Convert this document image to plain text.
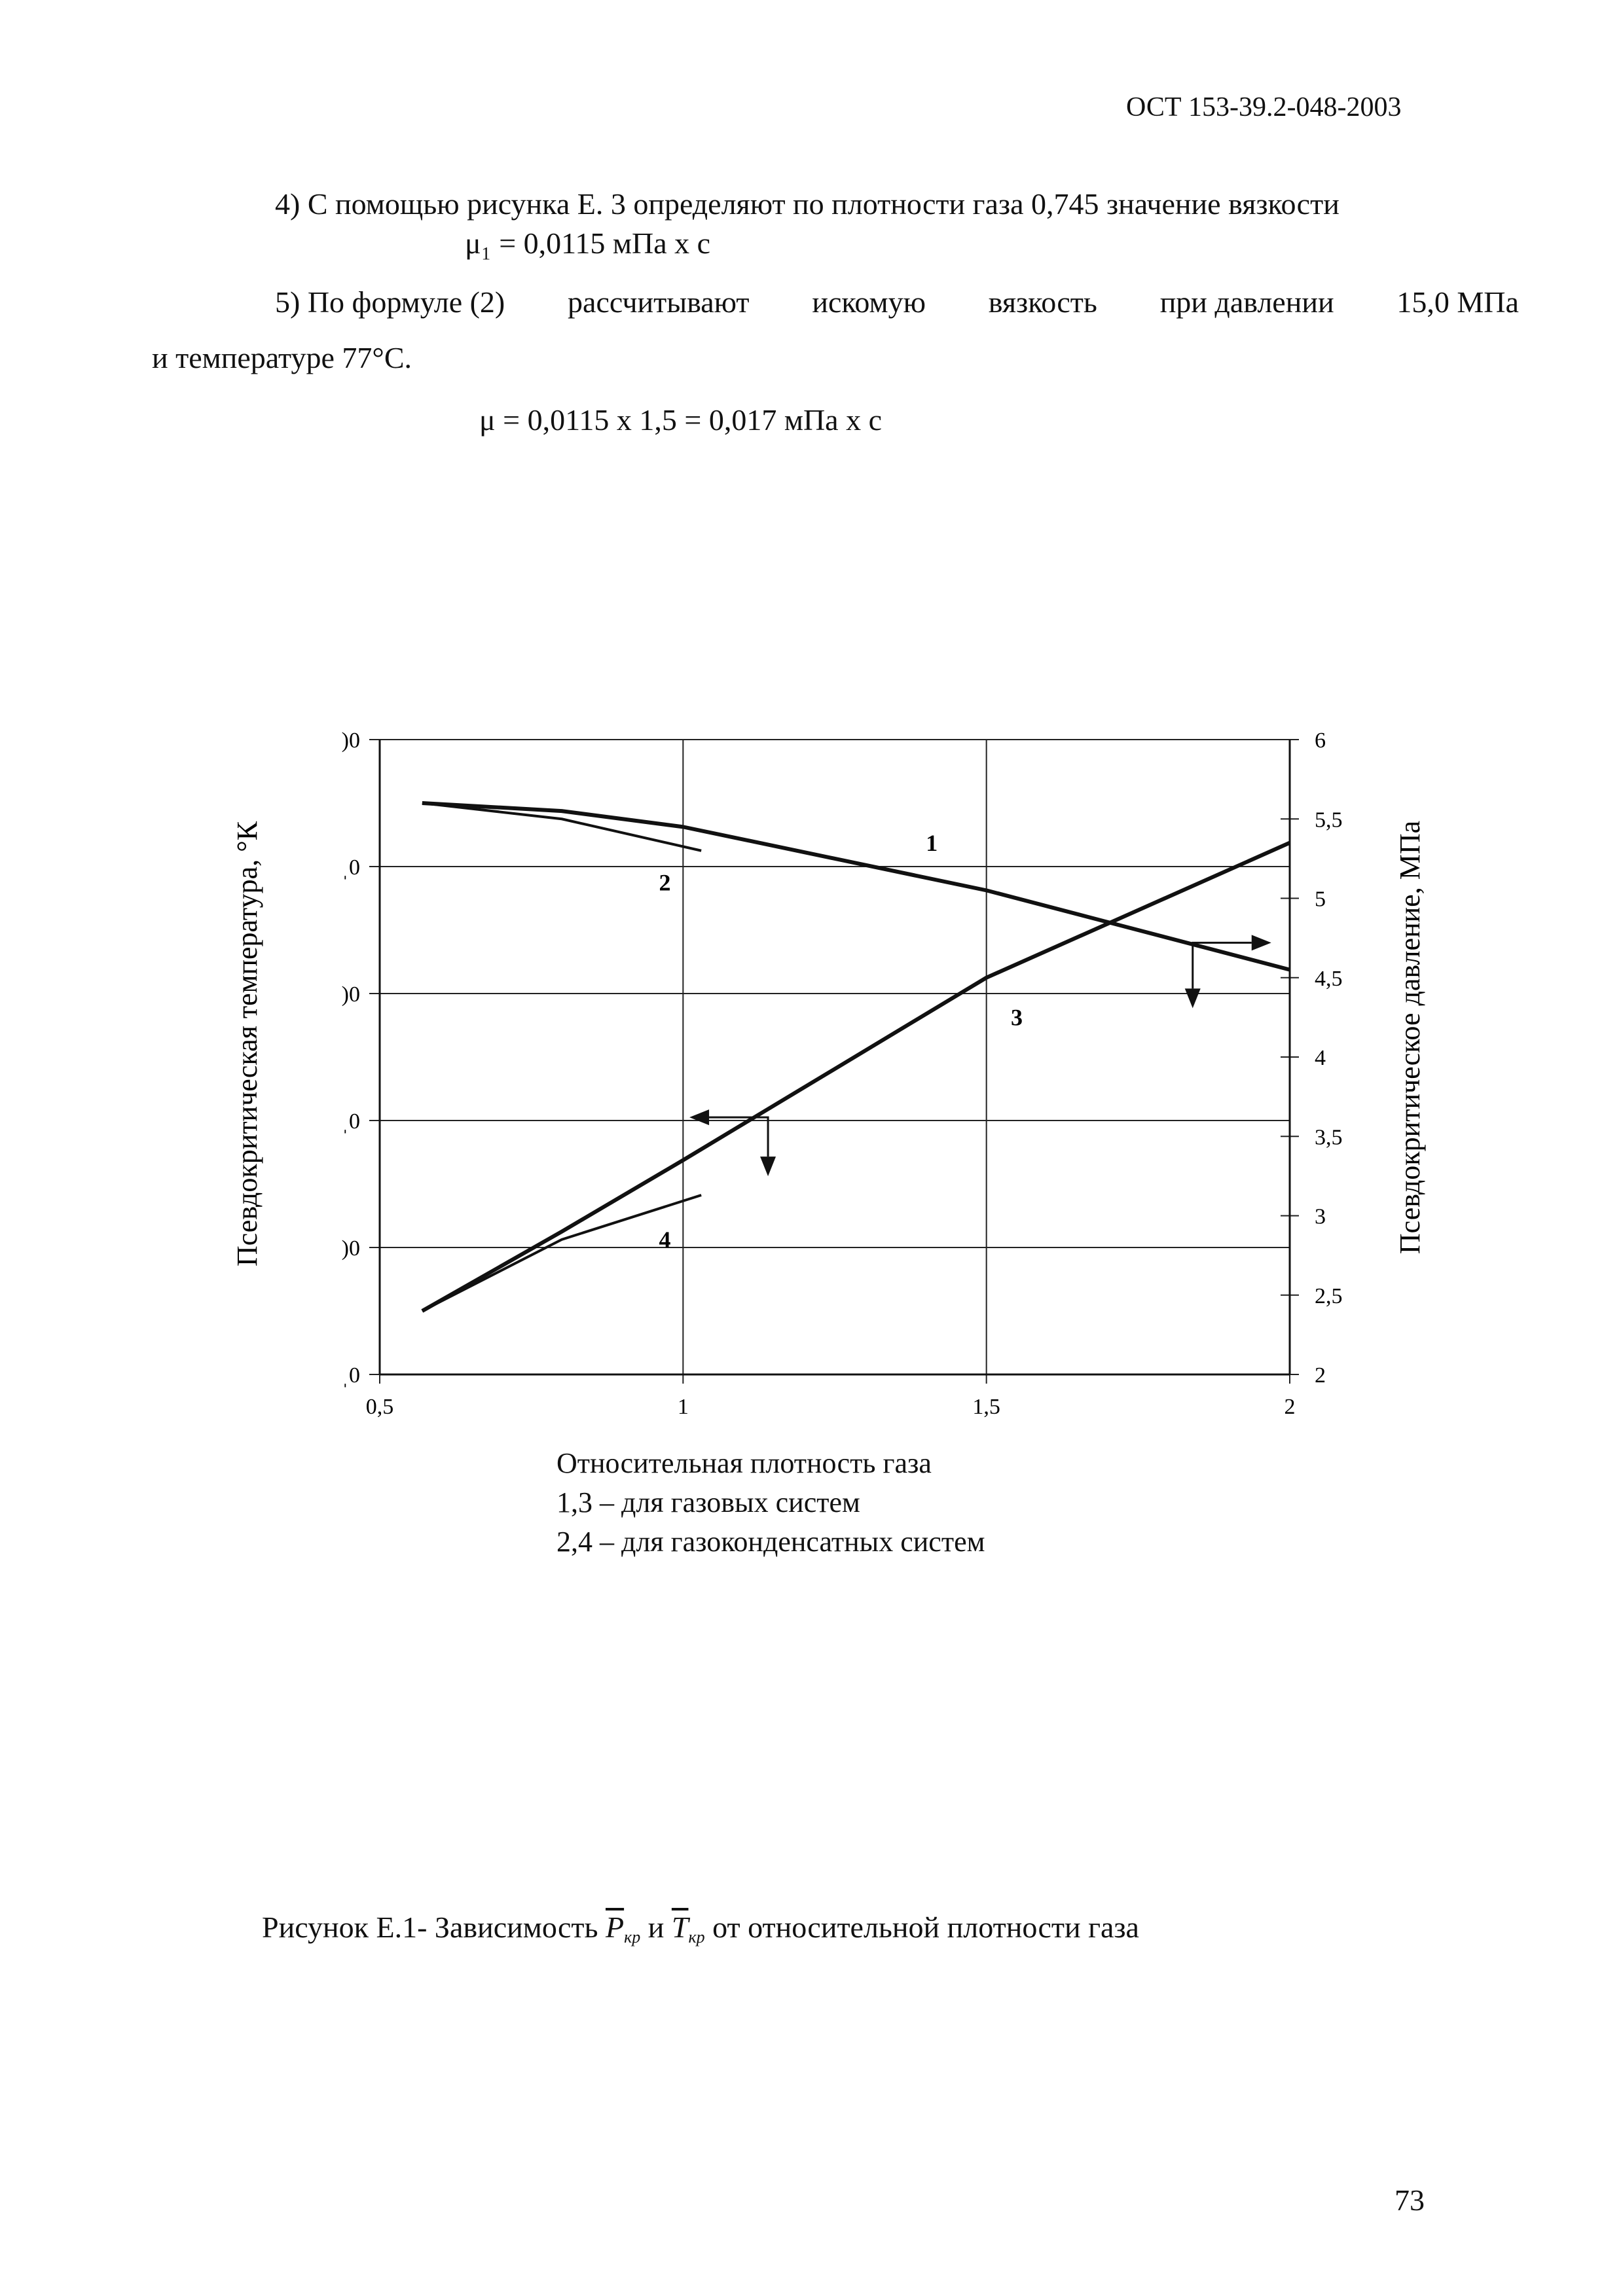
ОСТ 153-39.2-048-2003
4) С помощью рисунка Е. 3 определяют по плотности газа 0,745 значение вязкости
μ₁ = 0,0115 мПа х с
5) По формуле (2) рассчитывают искомую вязкость при давлении 15,0 МПа
и температуре 77°С.
μ = 0,0115 х 1,5 = 0,017 мПа х с
0,5	1	1,5	2
)0
ˌ0
)0
ˌ0
)0
ˌ0	2
2,5
3
3,5
4
4,5
5
5,5
6
1
2
3
4
Псевдокритическая температура, °К	Псевдокритическое давление, МПа
Относительная плотность газа
1,3 – для газовых систем
2,4 – для газоконденсатных систем
Рисунок Е.1- Зависимость $\overline{P}кр$ и $\overline{T}кр$ от относительной плотности газа
73
